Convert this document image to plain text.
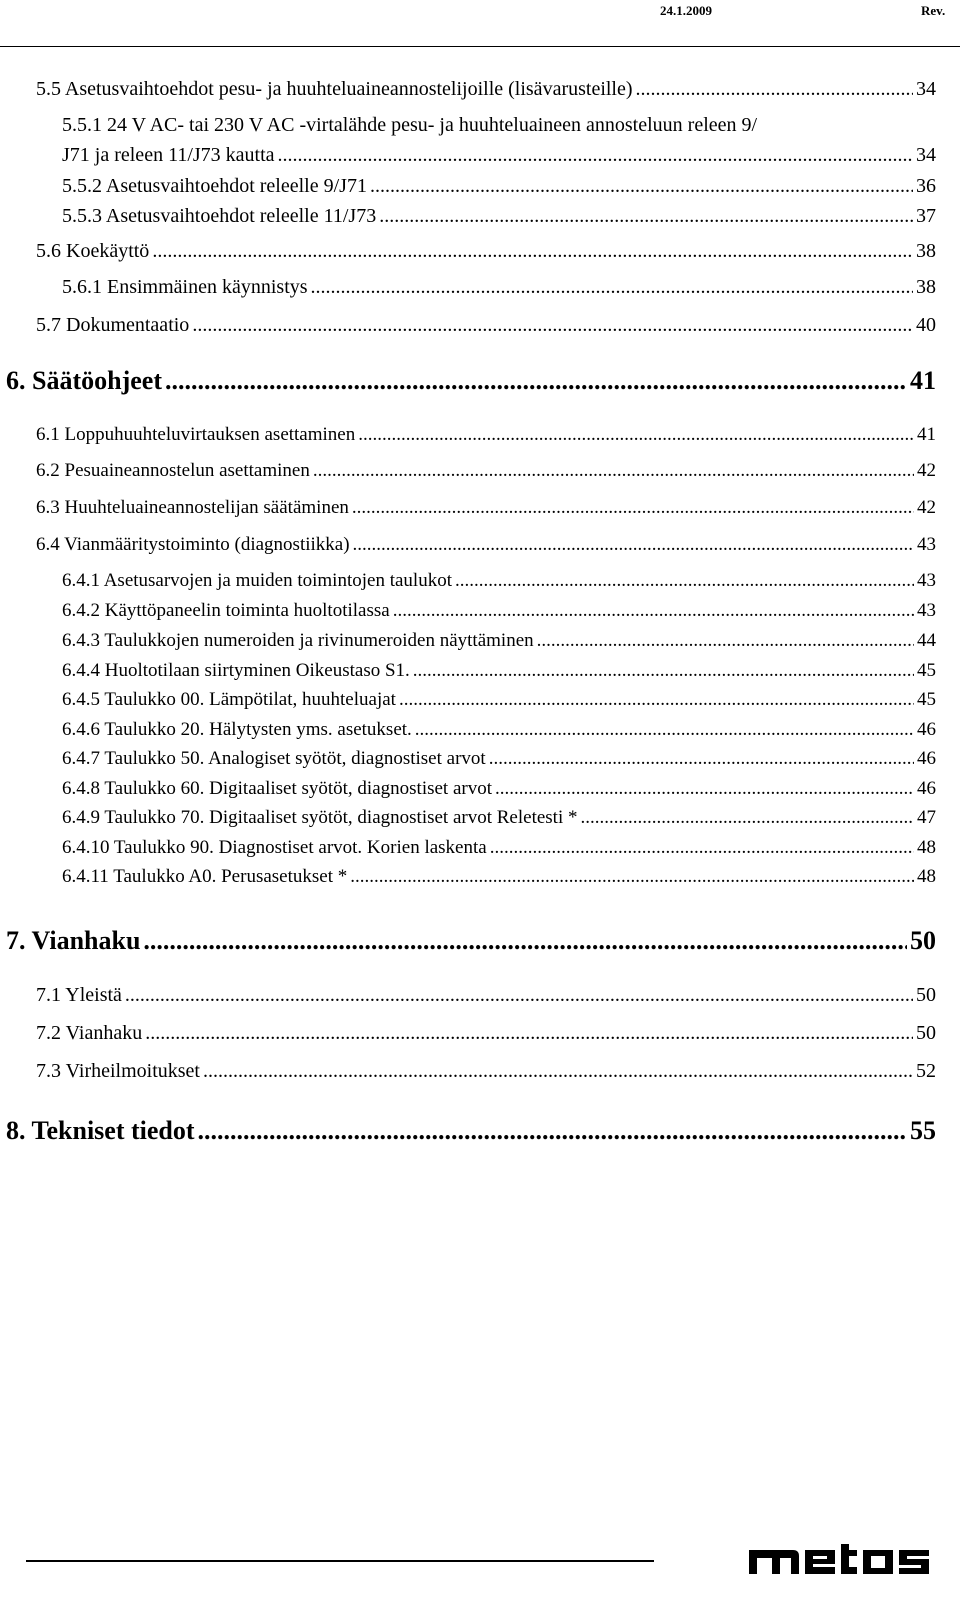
24.1.2009	Rev.
5.5 Asetusvaihtoehdot pesu- ja huuhteluaineannostelijoille (lisävarusteille) .....	34
5.5.1 24 V AC- tai 230 V AC -virtalähde pesu- ja huuhteluaineen annosteluun releen 9/
J71 ja releen 11/J73 kautta .....	34
5.5.2 Asetusvaihtoehdot releelle 9/J71 .....	36
5.5.3 Asetusvaihtoehdot releelle 11/J73 .....	37
5.6 Koekäyttö .....	38
5.6.1 Ensimmäinen käynnistys .....	38
5.7 Dokumentaatio .....	40
6. Säätöohjeet .....	41
6.1 Loppuhuuhteluvirtauksen asettaminen .....	41
6.2 Pesuaineannostelun asettaminen .....	42
6.3 Huuhteluaineannostelijan säätäminen .....	42
6.4 Vianmääritystoiminto (diagnostiikka) .....	43
6.4.1 Asetusarvojen ja muiden toimintojen taulukot .....	43
6.4.2 Käyttöpaneelin toiminta huoltotilassa .....	43
6.4.3 Taulukkojen numeroiden ja rivinumeroiden näyttäminen .....	44
6.4.4 Huoltotilaan siirtyminen Oikeustaso S1. .....	45
6.4.5 Taulukko 00. Lämpötilat, huuhteluajat .....	45
6.4.6 Taulukko 20. Hälytysten yms. asetukset. .....	46
6.4.7 Taulukko 50. Analogiset syötöt, diagnostiset arvot .....	46
6.4.8 Taulukko 60. Digitaaliset syötöt, diagnostiset arvot .....	46
6.4.9 Taulukko 70. Digitaaliset syötöt, diagnostiset arvot Reletesti * .....	47
6.4.10 Taulukko 90. Diagnostiset arvot. Korien laskenta .....	48
6.4.11 Taulukko A0. Perusasetukset * .....	48
7. Vianhaku .....	50
7.1 Yleistä .....	50
7.2 Vianhaku .....	50
7.3 Virheilmoitukset .....	52
8. Tekniset tiedot .....	55
